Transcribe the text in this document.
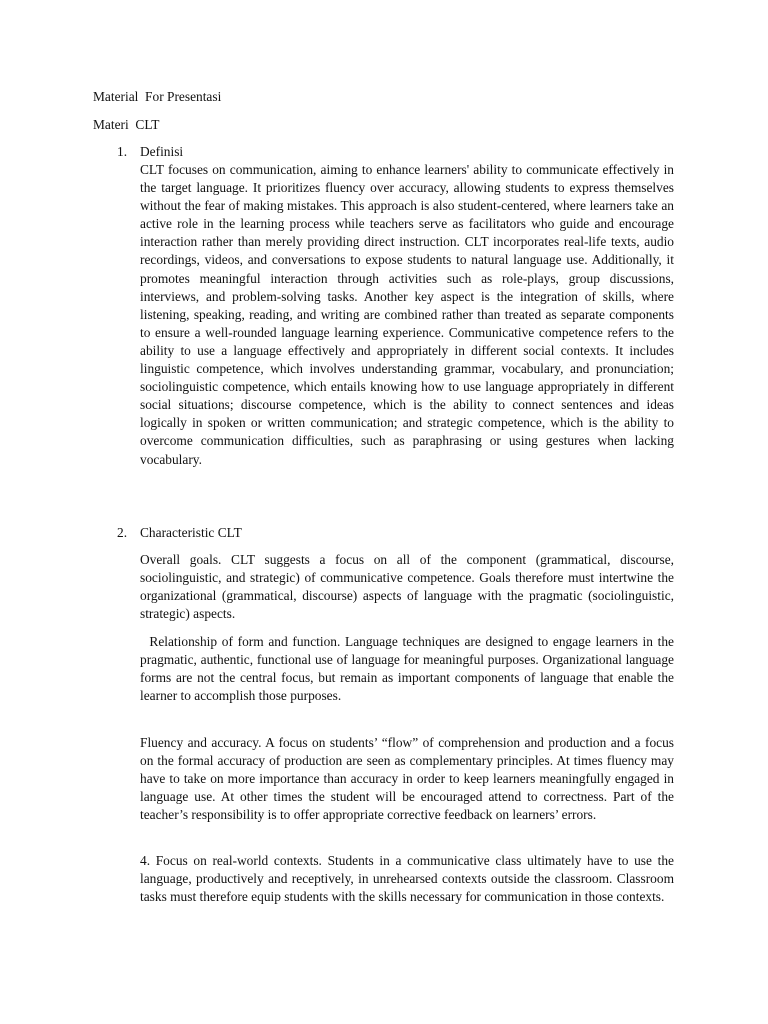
Material  For Presentasi
Materi  CLT
1. Definisi

CLT focuses on communication, aiming to enhance learners' ability to communicate effectively in the target language. It prioritizes fluency over accuracy, allowing students to express themselves without the fear of making mistakes. This approach is also student-centered, where learners take an active role in the learning process while teachers serve as facilitators who guide and encourage interaction rather than merely providing direct instruction. CLT incorporates real-life texts, audio recordings, videos, and conversations to expose students to natural language use. Additionally, it promotes meaningful interaction through activities such as role-plays, group discussions, interviews, and problem-solving tasks. Another key aspect is the integration of skills, where listening, speaking, reading, and writing are combined rather than treated as separate components to ensure a well-rounded language learning experience. Communicative competence refers to the ability to use a language effectively and appropriately in different social contexts. It includes linguistic competence, which involves understanding grammar, vocabulary, and pronunciation; sociolinguistic competence, which entails knowing how to use language appropriately in different social situations; discourse competence, which is the ability to connect sentences and ideas logically in spoken or written communication; and strategic competence, which is the ability to overcome communication difficulties, such as paraphrasing or using gestures when lacking vocabulary.

2. Characteristic CLT

Overall goals. CLT suggests a focus on all of the component (grammatical, discourse, sociolinguistic, and strategic) of communicative competence. Goals therefore must intertwine the organizational (grammatical, discourse) aspects of language with the pragmatic (sociolinguistic, strategic) aspects.

Relationship of form and function. Language techniques are designed to engage learners in the pragmatic, authentic, functional use of language for meaningful purposes. Organizational language forms are not the central focus, but remain as important components of language that enable the learner to accomplish those purposes.

Fluency and accuracy. A focus on students’ “flow” of comprehension and production and a focus on the formal accuracy of production are seen as complementary principles. At times fluency may have to take on more importance than accuracy in order to keep learners meaningfully engaged in language use. At other times the student will be encouraged attend to correctness. Part of the teacher’s responsibility is to offer appropriate corrective feedback on learners’ errors.

4. Focus on real-world contexts. Students in a communicative class ultimately have to use the language, productively and receptively, in unrehearsed contexts outside the classroom. Classroom tasks must therefore equip students with the skills necessary for communication in those contexts.
